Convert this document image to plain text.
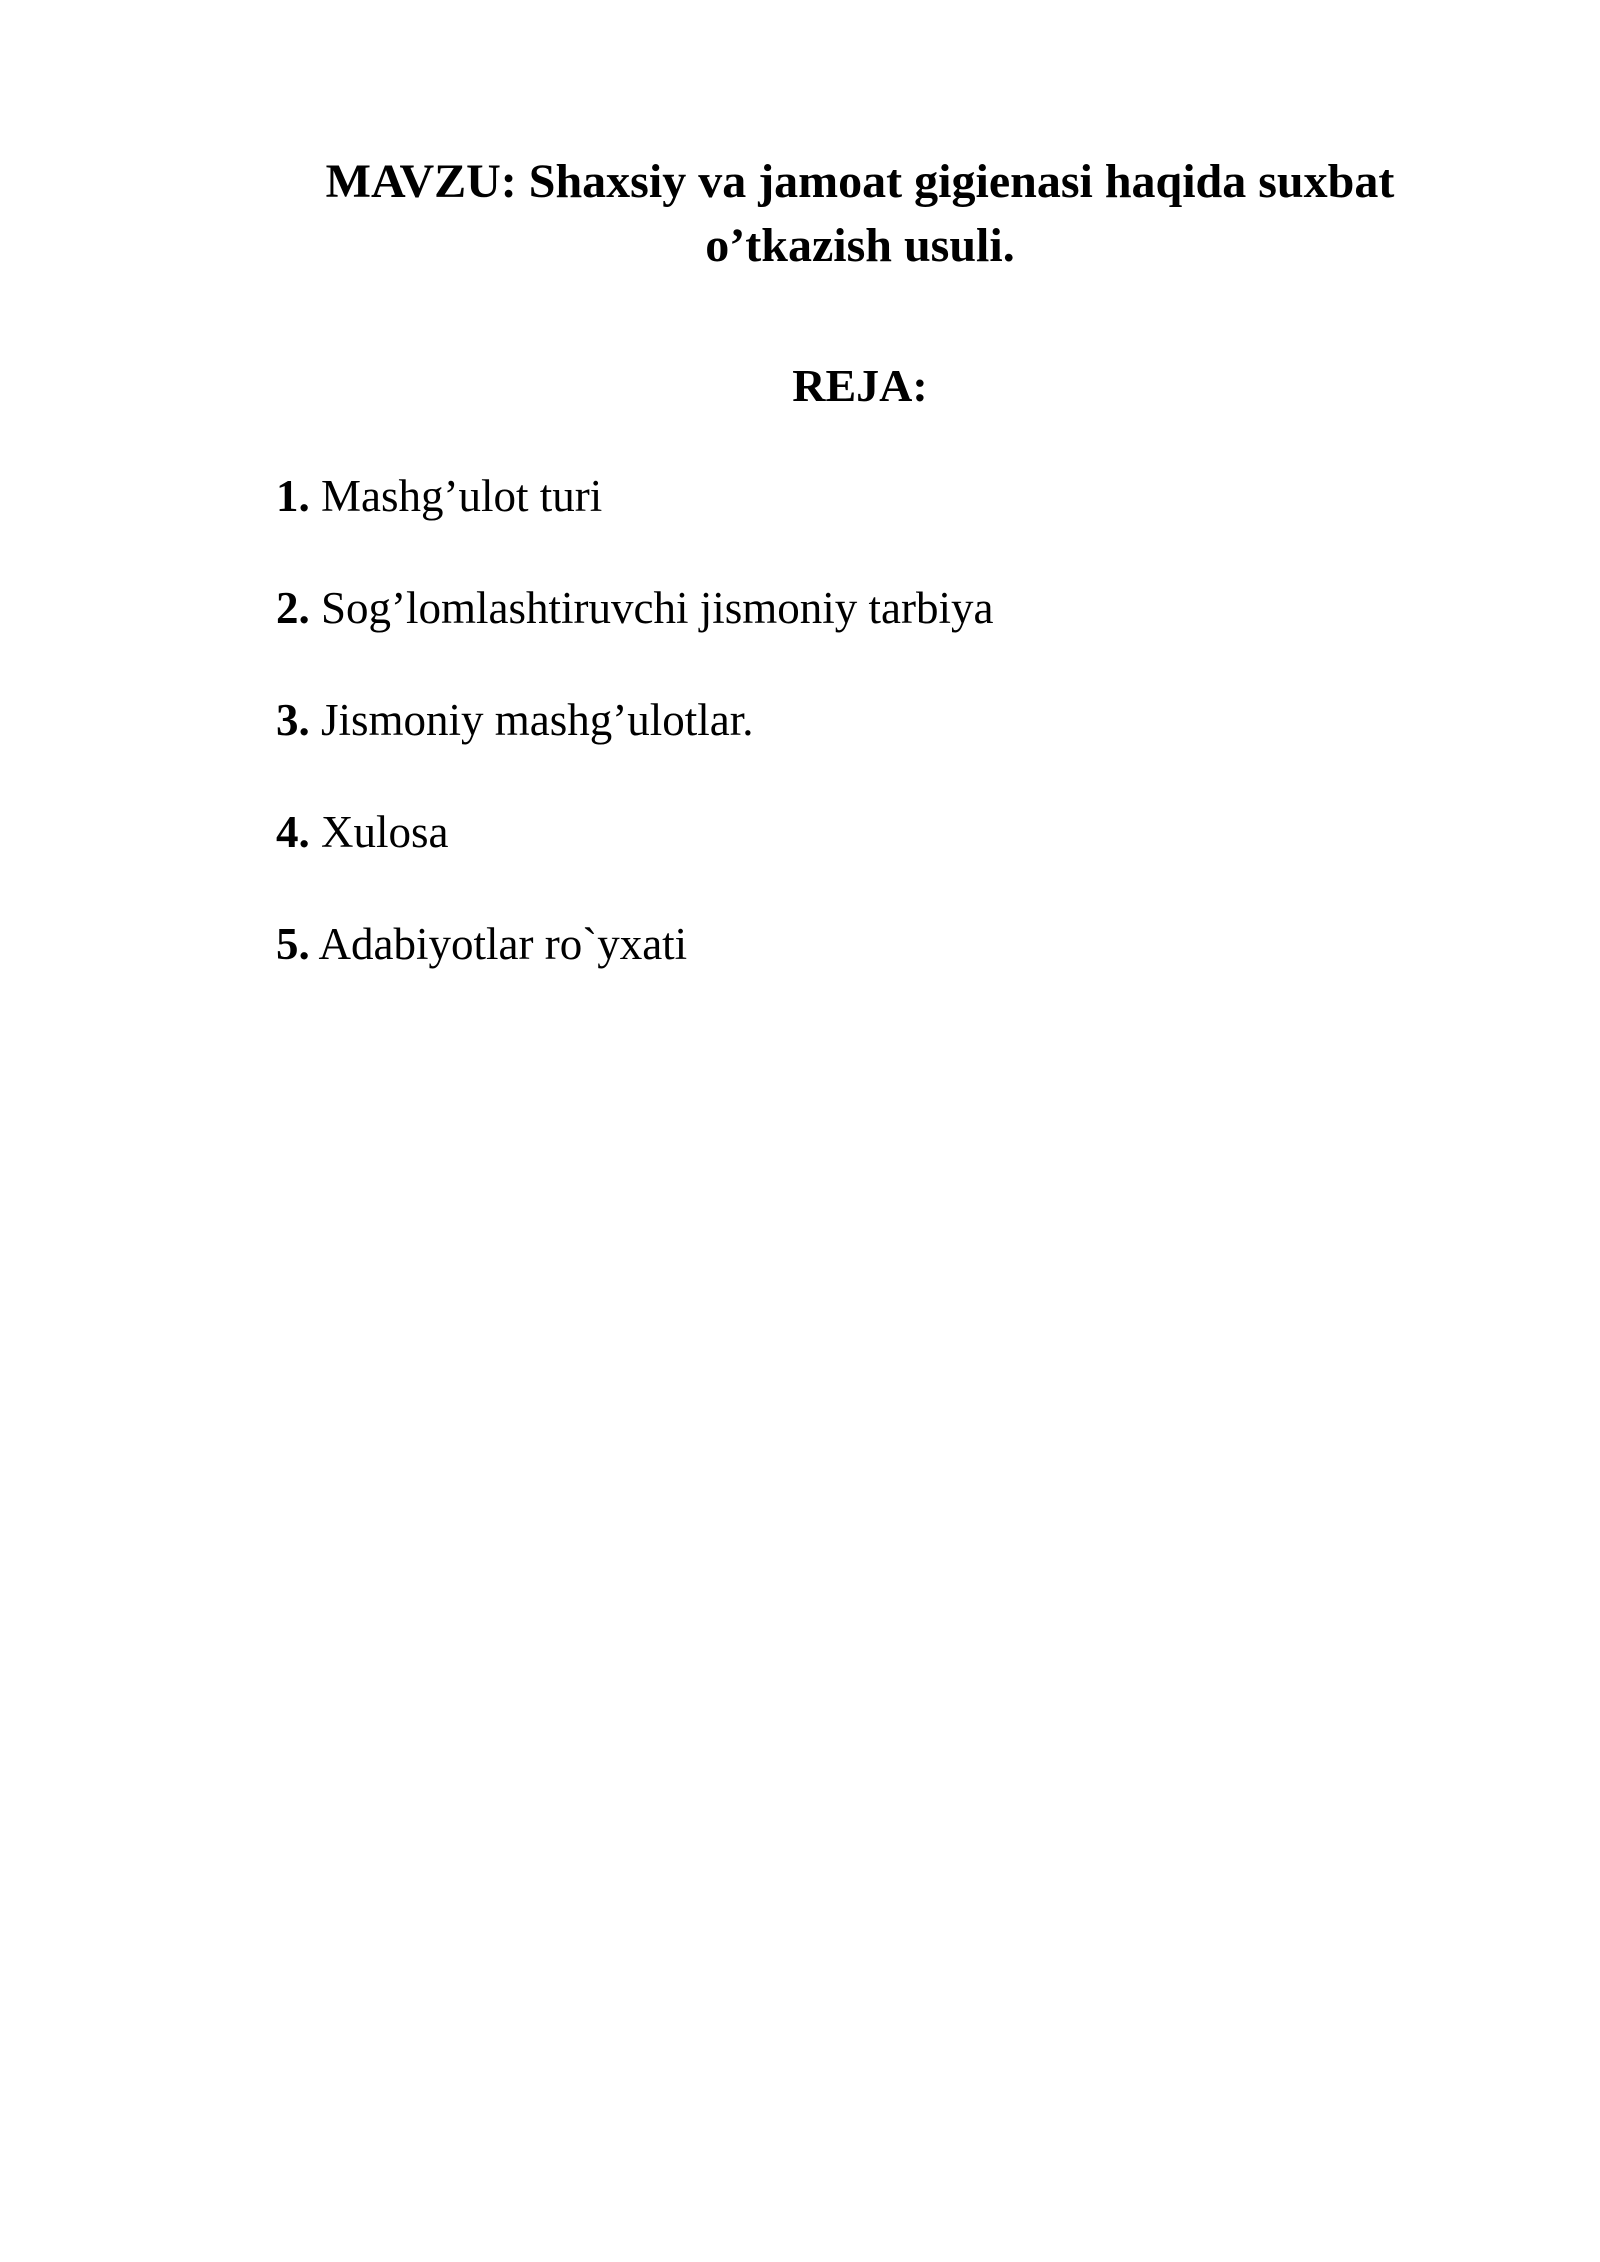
MAVZU: Shaxsiy va jamoat gigienasi haqida suxbat
o’tkazish usuli.
REJA:
1. Mashg’ulot turi
2. Sog’lomlashtiruvchi jismoniy tarbiya
3. Jismoniy mashg’ulotlar.
4. Xulosa
5. Adabiyotlar ro`yxati
